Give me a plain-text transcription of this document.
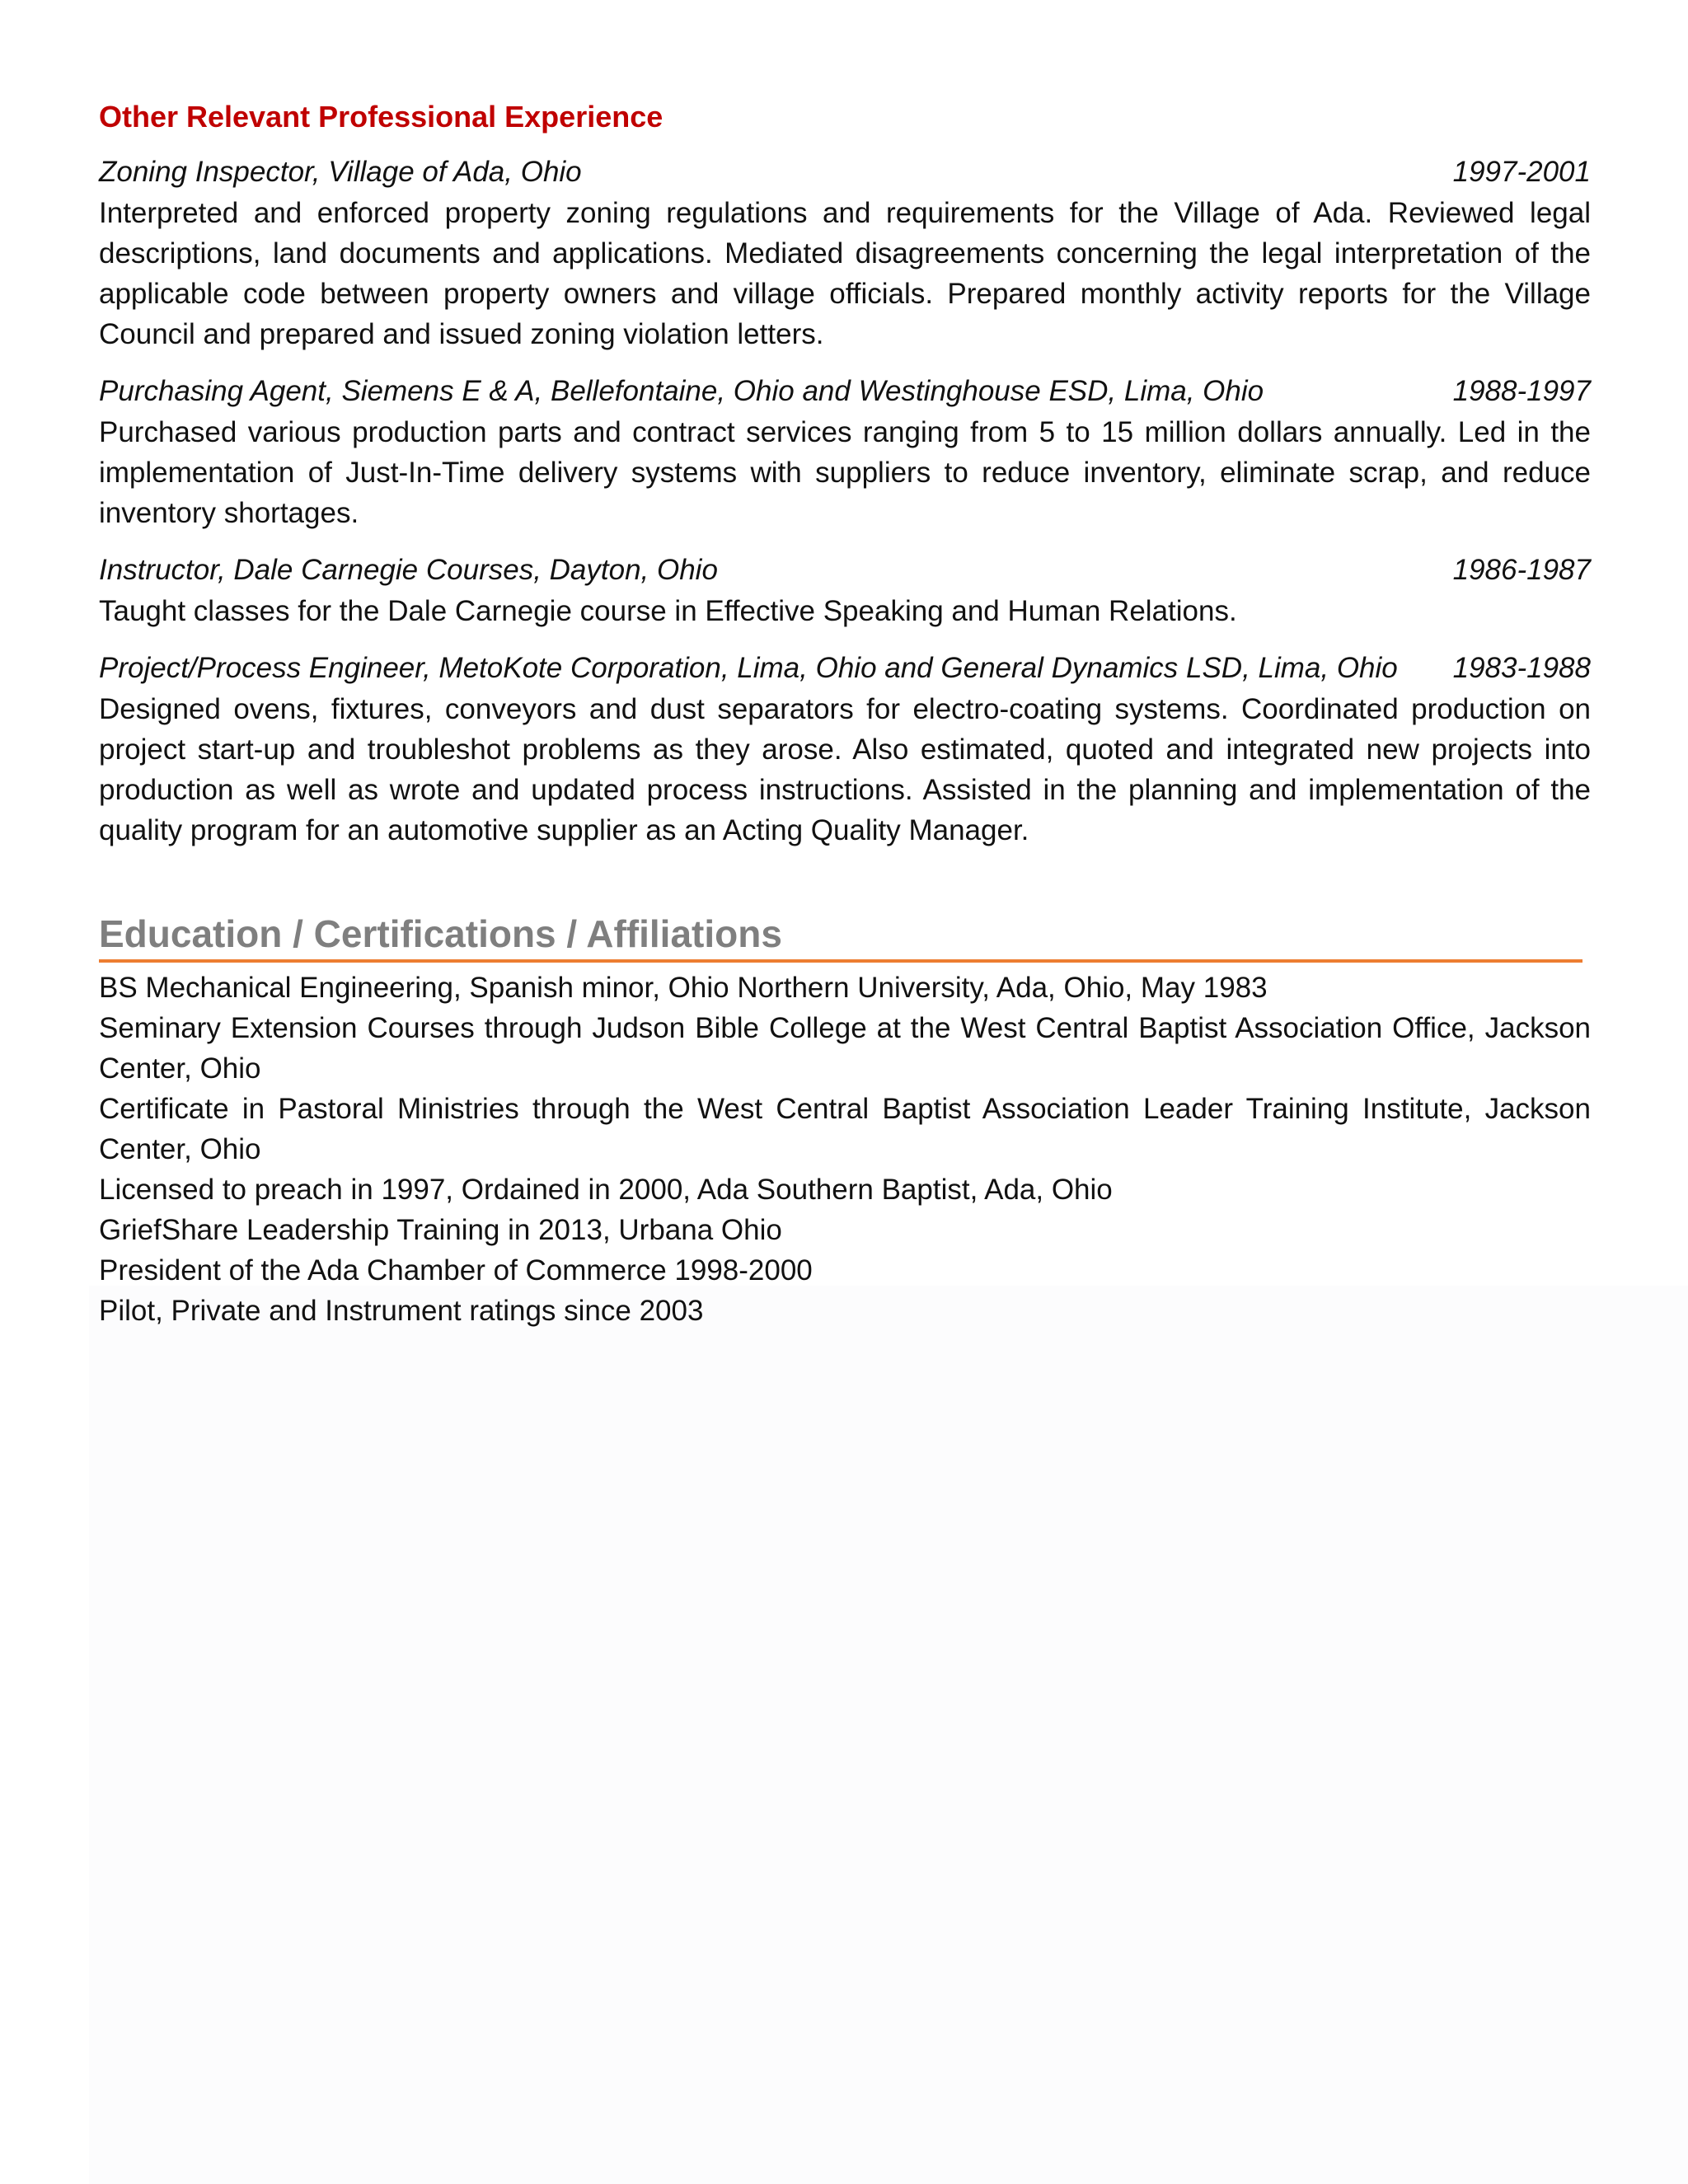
Other Relevant Professional Experience
Zoning Inspector, Village of Ada, Ohio	1997-2001

Interpreted and enforced property zoning regulations and requirements for the Village of Ada. Reviewed legal descriptions, land documents and applications. Mediated disagreements concerning the legal interpretation of the applicable code between property owners and village officials. Prepared monthly activity reports for the Village Council and prepared and issued zoning violation letters.

Purchasing Agent, Siemens E & A, Bellefontaine, Ohio and Westinghouse ESD, Lima, Ohio	1988-1997

Purchased various production parts and contract services ranging from 5 to 15 million dollars annually. Led in the implementation of Just-In-Time delivery systems with suppliers to reduce inventory, eliminate scrap, and reduce inventory shortages.

Instructor, Dale Carnegie Courses, Dayton, Ohio	1986-1987

Taught classes for the Dale Carnegie course in Effective Speaking and Human Relations.

Project/Process Engineer, MetoKote Corporation, Lima, Ohio and General Dynamics LSD, Lima, Ohio 1983-1988

Designed ovens, fixtures, conveyors and dust separators for electro-coating systems. Coordinated production on project start-up and troubleshot problems as they arose. Also estimated, quoted and integrated new projects into production as well as wrote and updated process instructions. Assisted in the planning and implementation of the quality program for an automotive supplier as an Acting Quality Manager.

Education / Certifications / Affiliations
BS Mechanical Engineering, Spanish minor, Ohio Northern University, Ada, Ohio, May 1983
Seminary Extension Courses through Judson Bible College at the West Central Baptist Association Office, Jackson Center, Ohio
Certificate in Pastoral Ministries through the West Central Baptist Association Leader Training Institute, Jackson Center, Ohio
Licensed to preach in 1997, Ordained in 2000, Ada Southern Baptist, Ada, Ohio
GriefShare Leadership Training in 2013, Urbana Ohio
President of the Ada Chamber of Commerce 1998-2000
Pilot, Private and Instrument ratings since 2003
